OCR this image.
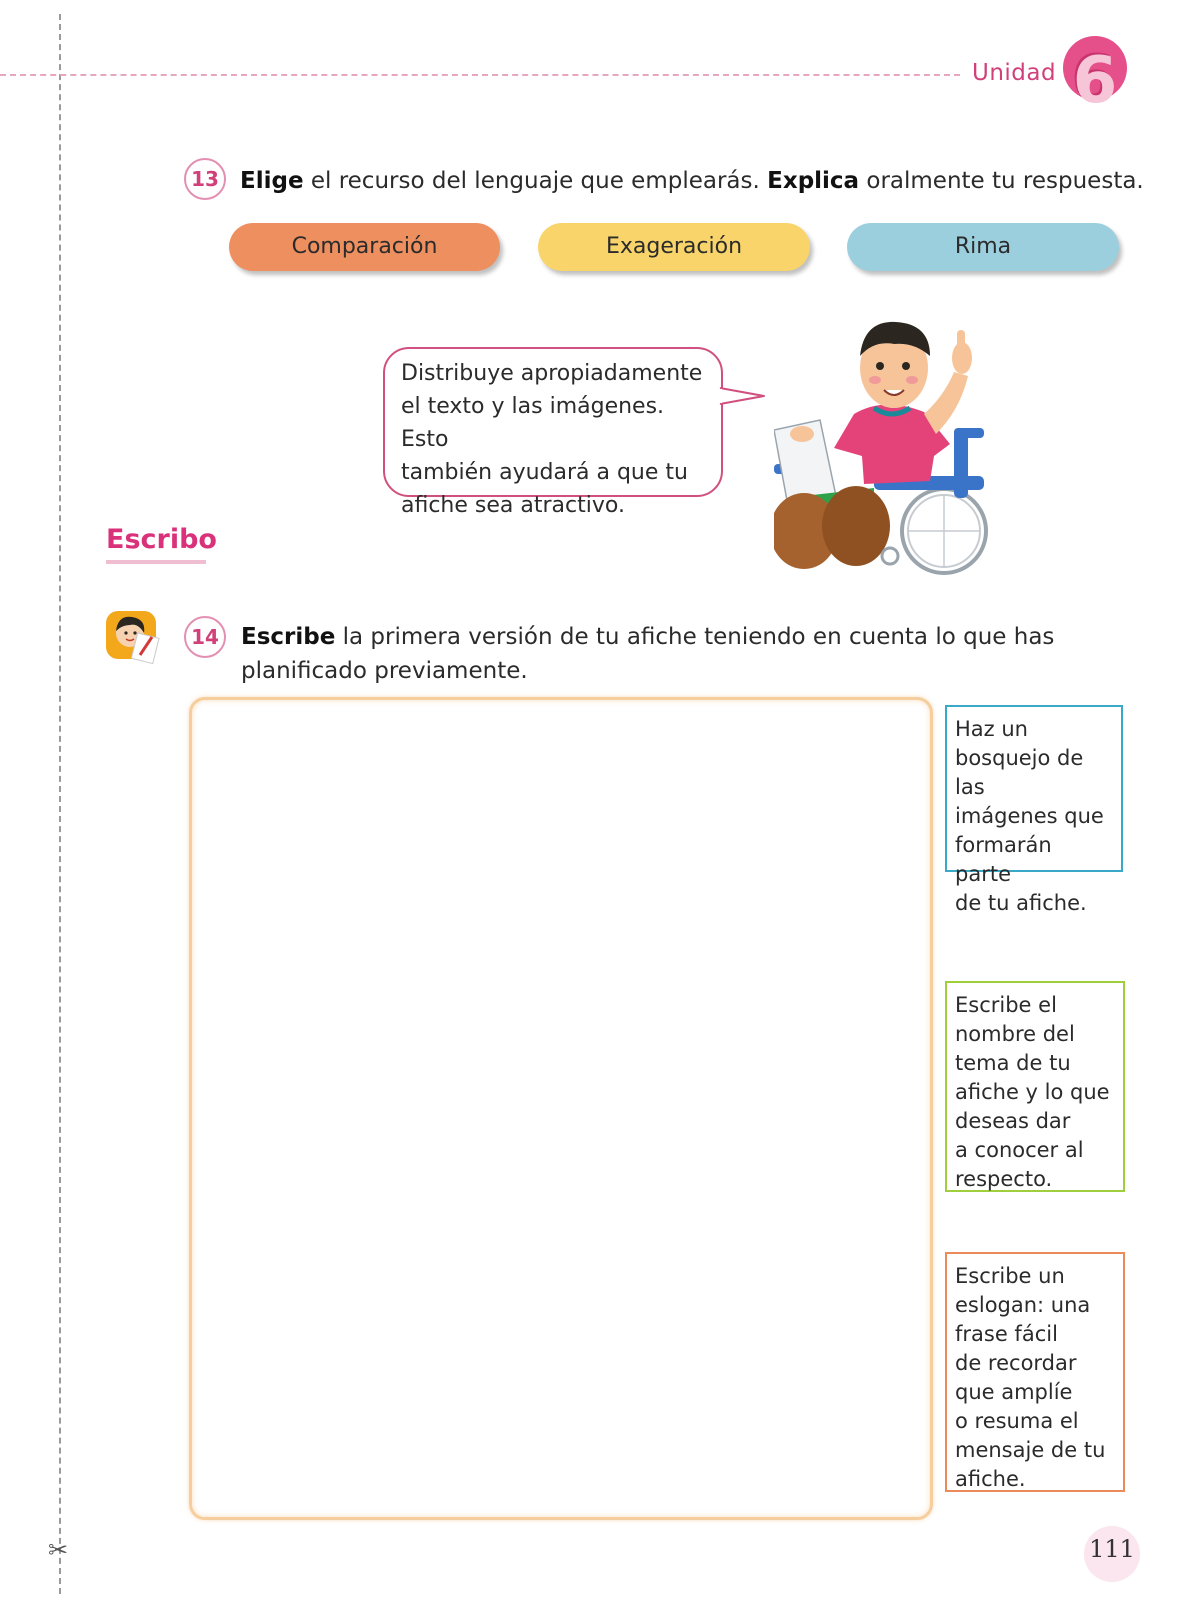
✂
Unidad 6
13 Elige el recurso del lenguaje que emplearás. Explica oralmente tu respuesta.
Comparación	Exageración	Rima
Distribuye apropiadamente
el texto y las imágenes. Esto
también ayudará a que tu
afiche sea atractivo.
Escribo
14 Escribe la primera versión de tu afiche teniendo en cuenta lo que has
planificado previamente.
Haz un
bosquejo de las
imágenes que
formarán parte
de tu afiche.
Escribe el
nombre del
tema de tu
afiche y lo que
deseas dar
a conocer al
respecto.
Escribe un
eslogan: una
frase fácil
de recordar
que amplíe
o resuma el
mensaje de tu
afiche.
111
